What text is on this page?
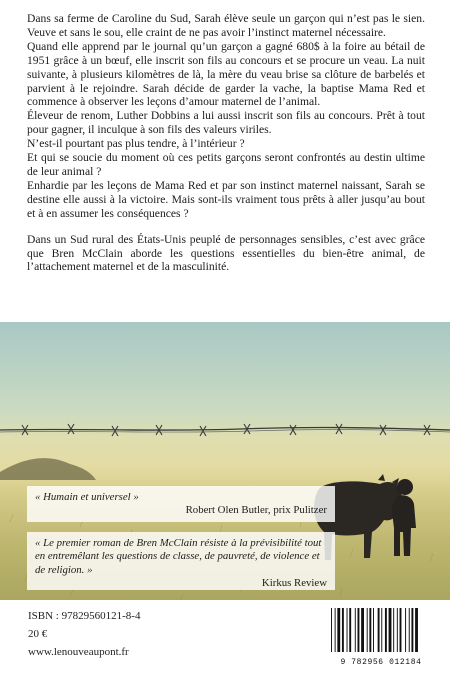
Dans sa ferme de Caroline du Sud, Sarah élève seule un garçon qui n’est pas le sien. Veuve et sans le sou, elle craint de ne pas avoir l’instinct maternel nécessaire.

Quand elle apprend par le journal qu’un garçon a gagné 680$ à la foire au bétail de 1951 grâce à un bœuf, elle inscrit son fils au concours et se procure un veau. La nuit suivante, à plusieurs kilomètres de là, la mère du veau brise sa clôture de barbelés et parvient à le rejoindre. Sarah décide de garder la vache, la baptise Mama Red et commence à observer les leçons d’amour maternel de l’animal.

Éleveur de renom, Luther Dobbins a lui aussi inscrit son fils au concours. Prêt à tout pour gagner, il inculque à son fils des valeurs viriles.

N’est-il pourtant pas plus tendre, à l’intérieur ?

Et qui se soucie du moment où ces petits garçons seront confrontés au destin ultime de leur animal ?

Enhardie par les leçons de Mama Red et par son instinct maternel naissant, Sarah se destine elle aussi à la victoire. Mais sont-ils vraiment tous prêts à aller jusqu’au bout et à en assumer les conséquences ?

Dans un Sud rural des États-Unis peuplé de personnages sensibles, c’est avec grâce que Bren McClain aborde les questions essentielles du bien-être animal, de l’attachement maternel et de la masculinité.

« Humain et universel »
Robert Olen Butler, prix Pulitzer
« Le premier roman de Bren McClain résiste à la prévisibilité tout en entremêlant les questions de classe, de pauvreté, de violence et de religion. »
Kirkus Review
ISBN : 97829560121-8-4
20 €
www.lenouveaupont.fr
9 782956 012184
